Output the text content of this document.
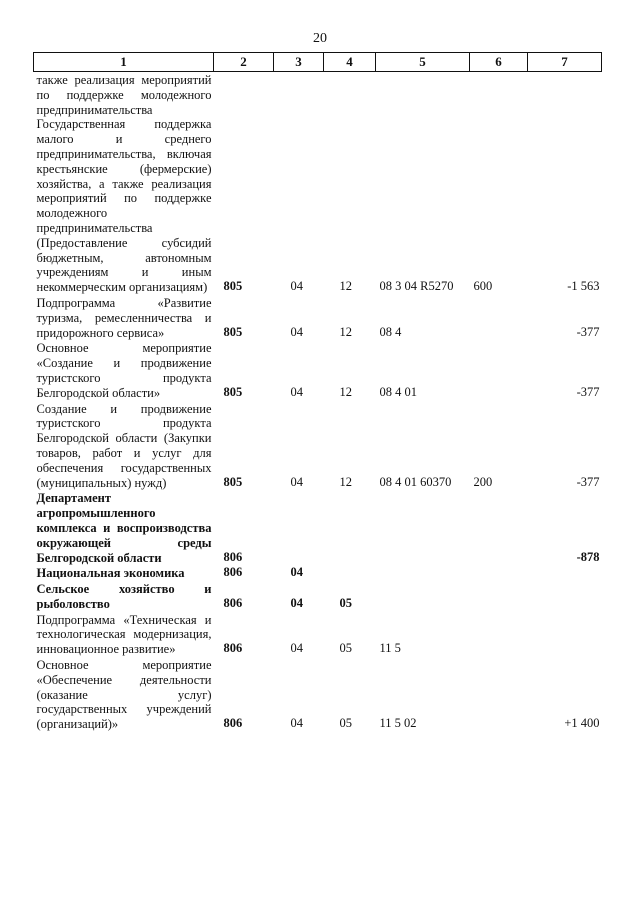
20
1	2	3	4	5	6	7
также реализация мероприятий по поддержке молодежного предпринимательства Государственная поддержка малого и среднего предпринимательства, включая крестьянские (фермерские) хозяйства, а также реализация мероприятий по поддержке молодежного предпринимательства (Предоставление субсидий бюджетным, автономным учреждениям и иным некоммерческим организациям)	805	04	12	08 3 04 R5270	600	-1 563
Подпрограмма «Развитие туризма, ремесленничества и придорожного сервиса»	805	04	12	08 4		-377
Основное мероприятие «Создание и продвижение туристского продукта Белгородской области»	805	04	12	08 4 01		-377
Создание и продвижение туристского продукта Белгородской области (Закупки товаров, работ и услуг для обеспечения государственных (муниципальных) нужд)	805	04	12	08 4 01 60370	200	-377
Департамент агропромышленного комплекса и воспроизводства окружающей среды Белгородской области	806					-878
Национальная экономика	806	04				
Сельское хозяйство и рыболовство	806	04	05			
Подпрограмма «Техническая и технологическая модернизация, инновационное развитие»	806	04	05	11 5		
Основное мероприятие «Обеспечение деятельности (оказание услуг) государственных учреждений (организаций)»	806	04	05	11 5 02		+1 400
